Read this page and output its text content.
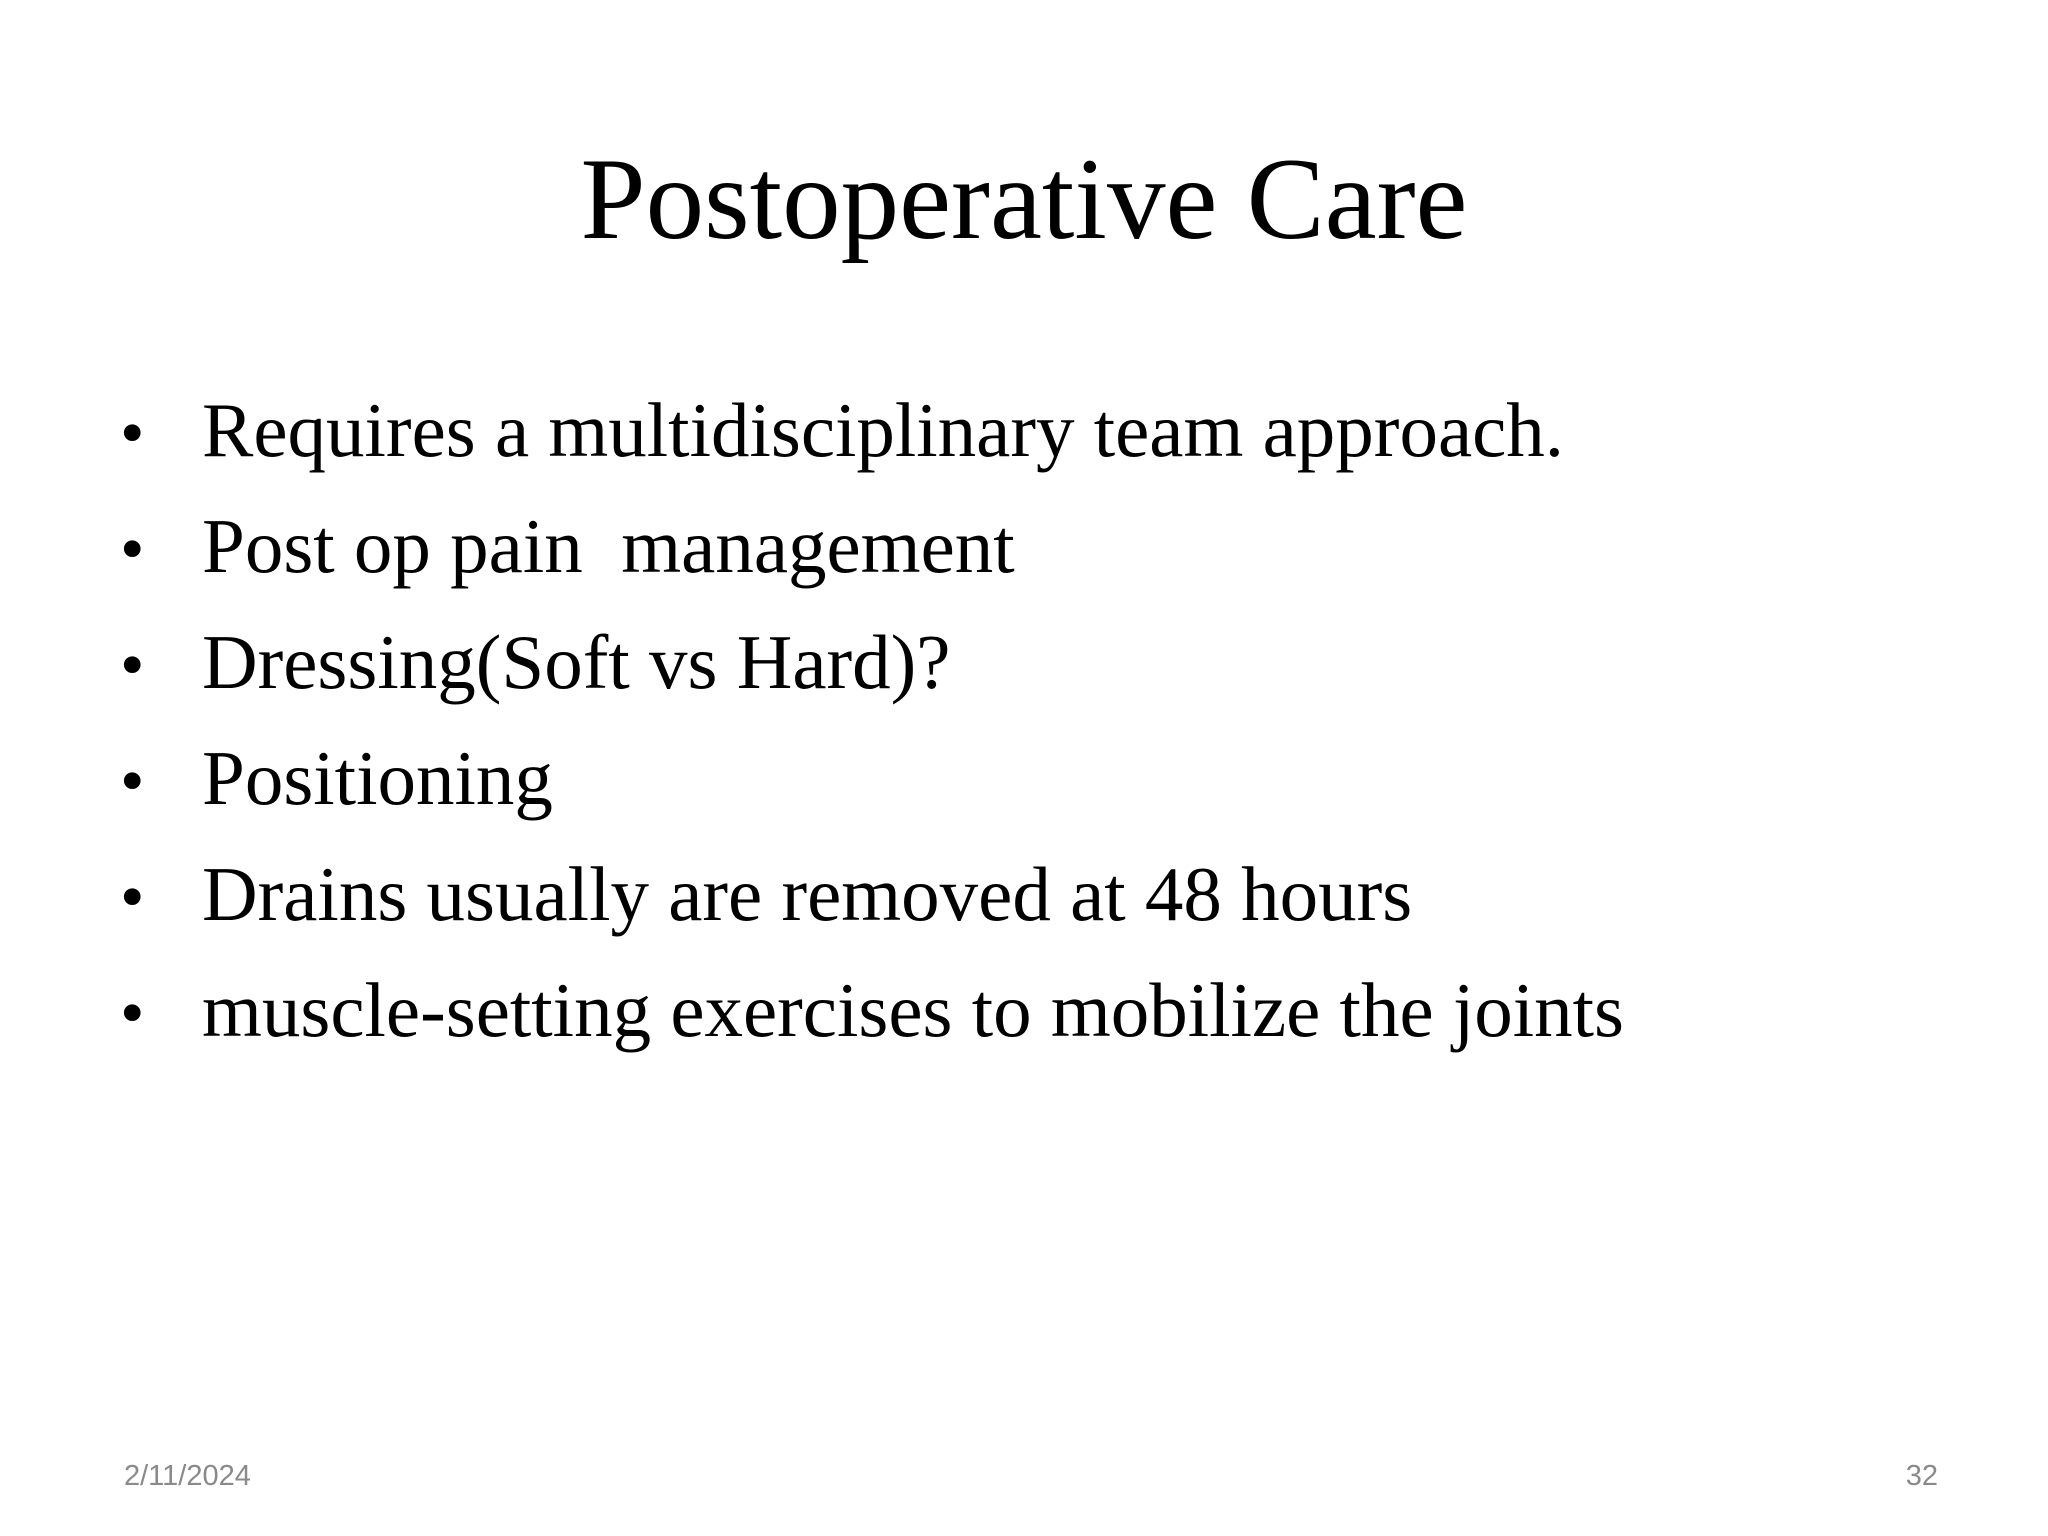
Postoperative Care
• Requires a multidisciplinary team approach.
• Post op pain  management
• Dressing(Soft vs Hard)?
• Positioning
• Drains usually are removed at 48 hours
• muscle-setting exercises to mobilize the joints
2/11/2024	32
